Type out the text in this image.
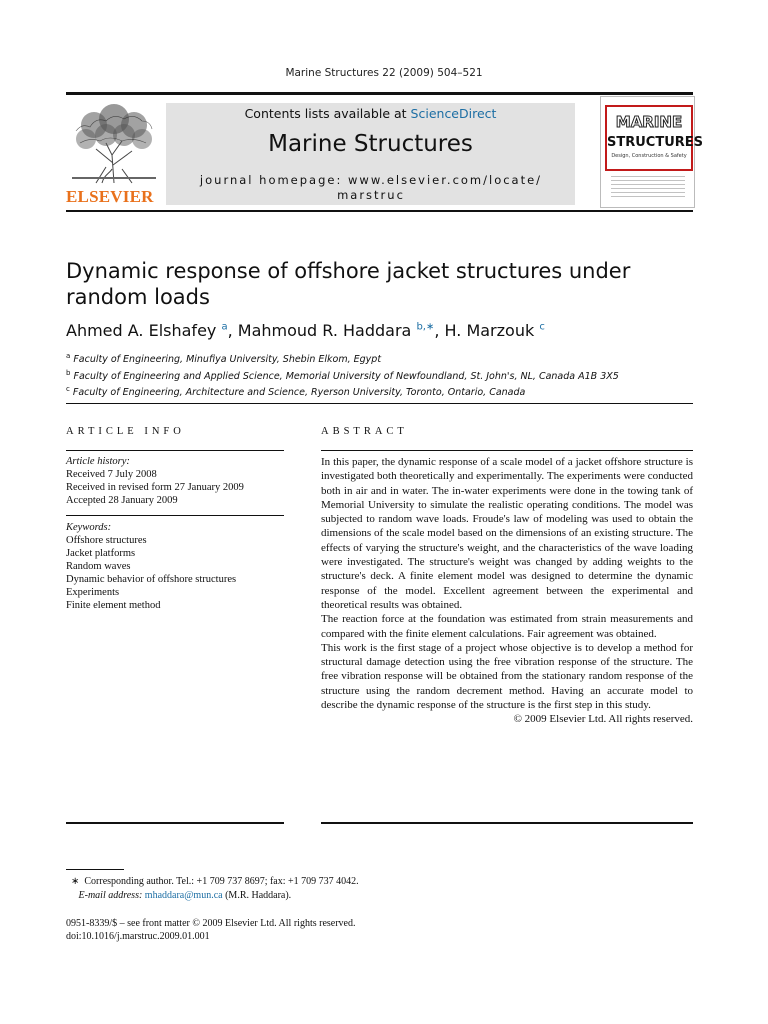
Marine Structures 22 (2009) 504–521
ELSEVIER
Contents lists available at ScienceDirect
Marine Structures
journal homepage: www.elsevier.com/locate/
marstruc
MARINE
STRUCTURES
Design, Construction & Safety
Dynamic response of offshore jacket structures under random loads
Ahmed A. Elshafey $^a$, Mahmoud R. Haddara $^{b,∗}$, H. Marzouk $^c$
$^a$ Faculty of Engineering, Minufiya University, Shebin Elkom, Egypt
$^b$ Faculty of Engineering and Applied Science, Memorial University of Newfoundland, St. John's, NL, Canada A1B 3X5
$^c$ Faculty of Engineering, Architecture and Science, Ryerson University, Toronto, Ontario, Canada
ARTICLE INFO
Article history:
Received 7 July 2008
Received in revised form 27 January 2009
Accepted 28 January 2009
Keywords:
Offshore structures
Jacket platforms
Random waves
Dynamic behavior of offshore structures
Experiments
Finite element method
ABSTRACT

In this paper, the dynamic response of a scale model of a jacket offshore structure is investigated both theoretically and experimentally. The experiments were conducted both in air and in water. The in-water experiments were done in the towing tank of Memorial University to simulate the realistic operating conditions. The model was subjected to random wave loads. Froude's law of modeling was used to obtain the dimensions of the scale model based on the dimensions of an existing structure. The effects of varying the structure's weight, and the characteristics of the wave loading were investigated. The structure's weight was changed by adding weights to the structure's deck. A finite element model was designed to determine the dynamic response of the model. Excellent agreement between the experimental and theoretical results was obtained.

The reaction force at the foundation was estimated from strain measurements and compared with the finite element calculations. Fair agreement was obtained.

This work is the first stage of a project whose objective is to develop a method for structural damage detection using the free vibration response of the structure. The free vibration response will be obtained from the stationary random response of the structure using the random decrement method. Having an accurate model to describe the dynamic response of the structure is the first step in this study.

© 2009 Elsevier Ltd. All rights reserved.

∗ Corresponding author. Tel.: +1 709 737 8697; fax: +1 709 737 4042.
E-mail address: mhaddara@mun.ca (M.R. Haddara).
0951-8339/$ – see front matter © 2009 Elsevier Ltd. All rights reserved.
doi:10.1016/j.marstruc.2009.01.001
